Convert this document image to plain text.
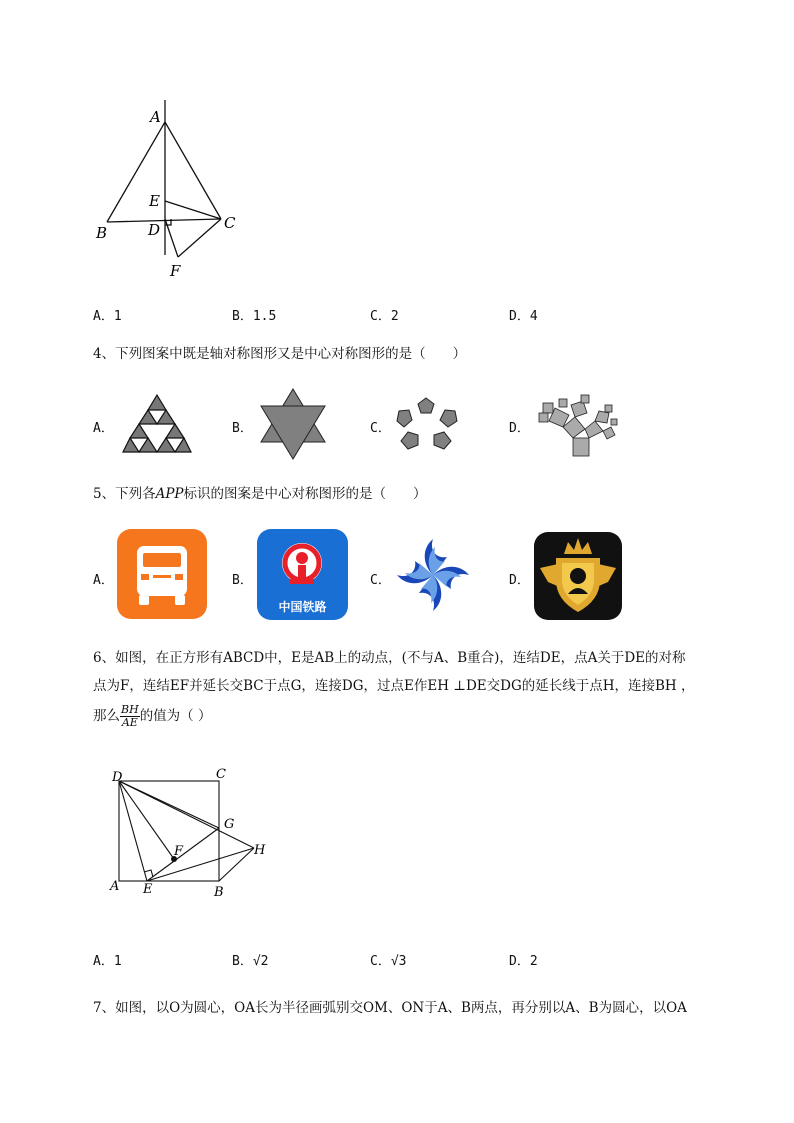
A
B
C
D
E
F
A．1	B．1.5	C．2	D．4
4、下列图案中既是轴对称图形又是中心对称图形的是（　　）
A．	B．	C．	D．
5、下列各APP标识的图案是中心对称图形的是（　　）
A．	B．
中国铁路
C．	D．
6、如图，在正方形有ABCD中，E是AB上的动点，(不与A、B重合)，连结DE，点A关于DE的对称
点为F，连结EF并延长交BC于点G，连接DG，过点E作EH ⊥DE交DG的延长线于点H，连接BH ，
那么 $\frac{BH}{AE}$ 的值为（ ）
D	C
G
H
F
A E	B
A．1	B．√2	C．√3	D．2
7、如图，以O为圆心，OA长为半径画弧别交OM、ON于A、B两点，再分别以A、B为圆心，以OA
